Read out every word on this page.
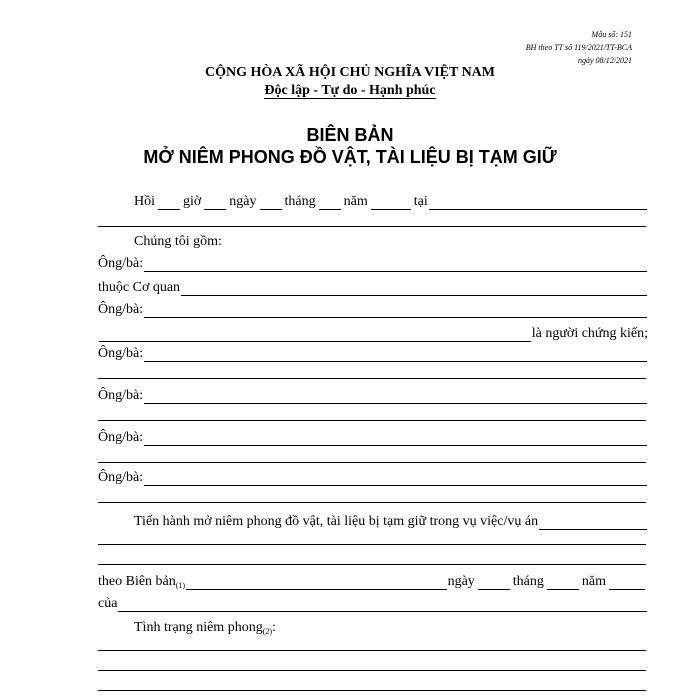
Mẫu số: 151
BH theo TT số 119/2021/TT-BCA
ngày 08/12/2021
CỘNG HÒA XÃ HỘI CHỦ NGHĨA VIỆT NAM
Độc lập - Tự do - Hạnh phúc
BIÊN BẢN
MỞ NIÊM PHONG ĐỒ VẬT, TÀI LIỆU BỊ TẠM GIỮ
Hồi giờ ngày tháng năm	tại
Chúng tôi gồm:
Ông/bà:
thuộc Cơ quan
Ông/bà:
là người chứng kiến;
Ông/bà:
Ông/bà:
Ông/bà:
Ông/bà:
Tiến hành mở niêm phong đồ vật, tài liệu bị tạm giữ trong vụ việc/vụ án
theo Biên bản$_{(1)}$	ngày	tháng	năm
của
Tình trạng niêm phong$_{(2)}$ :
